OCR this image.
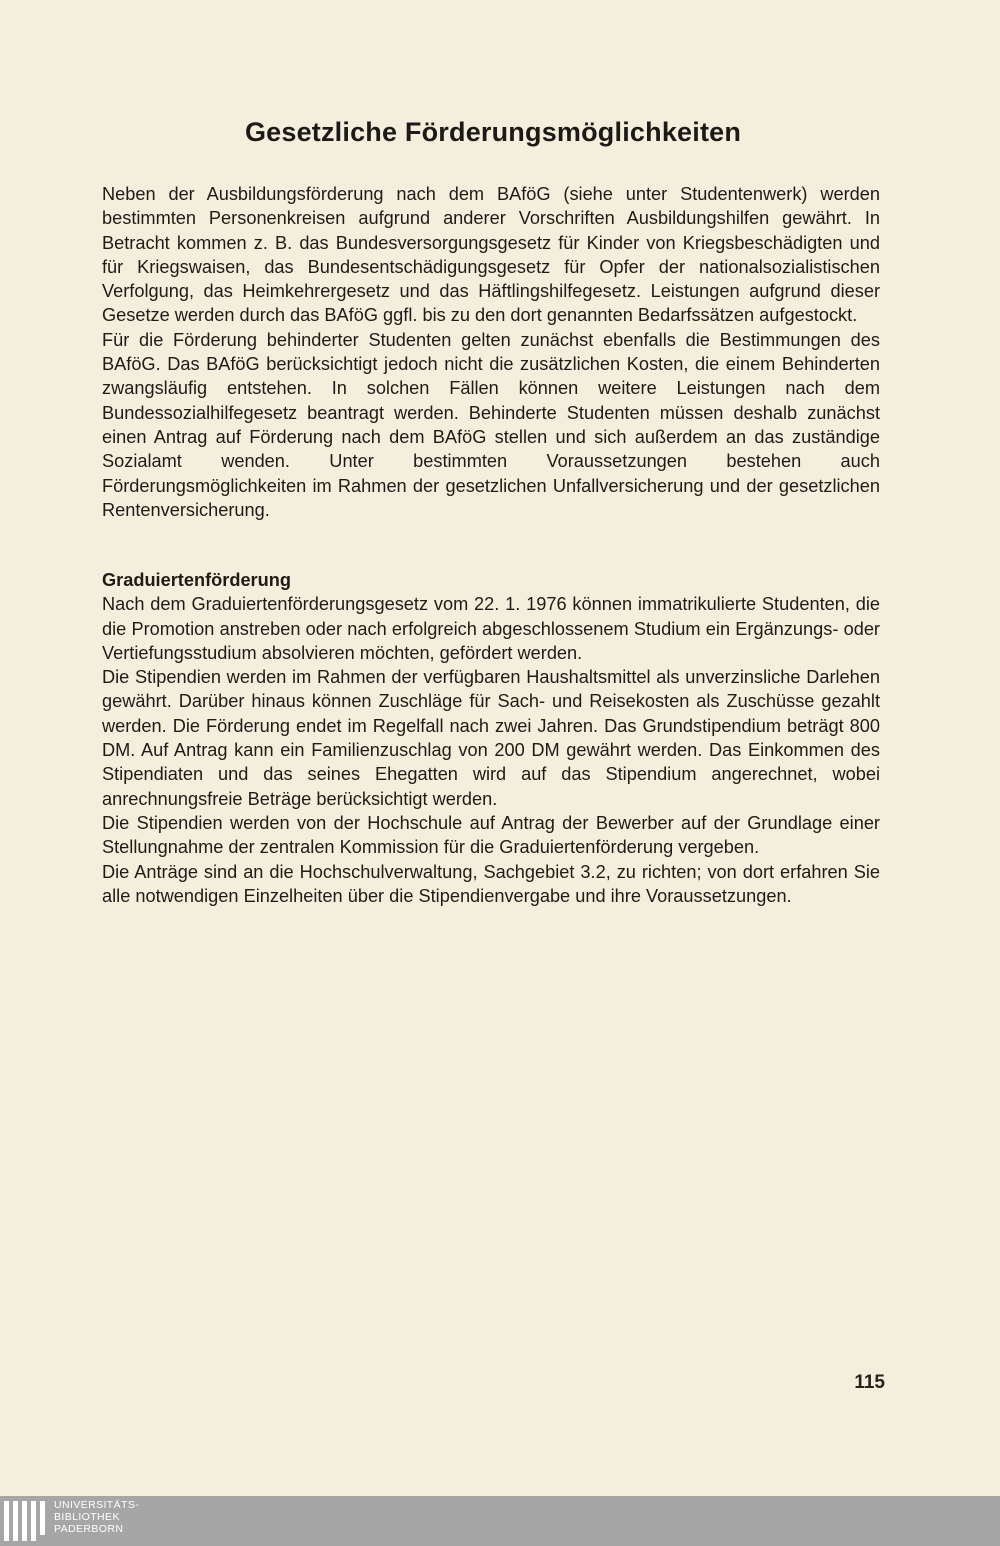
Gesetzliche Förderungsmöglichkeiten

Neben der Ausbildungsförderung nach dem BAföG (siehe unter Studentenwerk) werden bestimmten Personenkreisen aufgrund anderer Vorschriften Ausbildungshilfen gewährt. In Betracht kommen z. B. das Bundesversorgungsgesetz für Kinder von Kriegsbeschädigten und für Kriegswaisen, das Bundesentschädigungsgesetz für Opfer der nationalsozialistischen Verfolgung, das Heimkehrergesetz und das Häftlingshilfegesetz. Leistungen aufgrund dieser Gesetze werden durch das BAföG ggfl. bis zu den dort genannten Bedarfssätzen aufgestockt.

Für die Förderung behinderter Studenten gelten zunächst ebenfalls die Bestimmungen des BAföG. Das BAföG berücksichtigt jedoch nicht die zusätzlichen Kosten, die einem Behinderten zwangsläufig entstehen. In solchen Fällen können weitere Leistungen nach dem Bundessozialhilfegesetz beantragt werden. Behinderte Studenten müssen deshalb zunächst einen Antrag auf Förderung nach dem BAföG stellen und sich außerdem an das zuständige Sozialamt wenden. Unter bestimmten Voraussetzungen bestehen auch Förderungsmöglichkeiten im Rahmen der gesetzlichen Unfallversicherung und der gesetzlichen Rentenversicherung.

Graduiertenförderung

Nach dem Graduiertenförderungsgesetz vom 22. 1. 1976 können immatrikulierte Studenten, die die Promotion anstreben oder nach erfolgreich abgeschlossenem Studium ein Ergänzungs- oder Vertiefungsstudium absolvieren möchten, gefördert werden.

Die Stipendien werden im Rahmen der verfügbaren Haushaltsmittel als unverzinsliche Darlehen gewährt. Darüber hinaus können Zuschläge für Sach- und Reisekosten als Zuschüsse gezahlt werden. Die Förderung endet im Regelfall nach zwei Jahren. Das Grundstipendium beträgt 800 DM. Auf Antrag kann ein Familienzuschlag von 200 DM gewährt werden. Das Einkommen des Stipendiaten und das seines Ehegatten wird auf das Stipendium angerechnet, wobei anrechnungsfreie Beträge berücksichtigt werden.

Die Stipendien werden von der Hochschule auf Antrag der Bewerber auf der Grundlage einer Stellungnahme der zentralen Kommission für die Graduiertenförderung vergeben.

Die Anträge sind an die Hochschulverwaltung, Sachgebiet 3.2, zu richten; von dort erfahren Sie alle notwendigen Einzelheiten über die Stipendienvergabe und ihre Voraussetzungen.

115
UNIVERSITÄTS-
BIBLIOTHEK
PADERBORN
